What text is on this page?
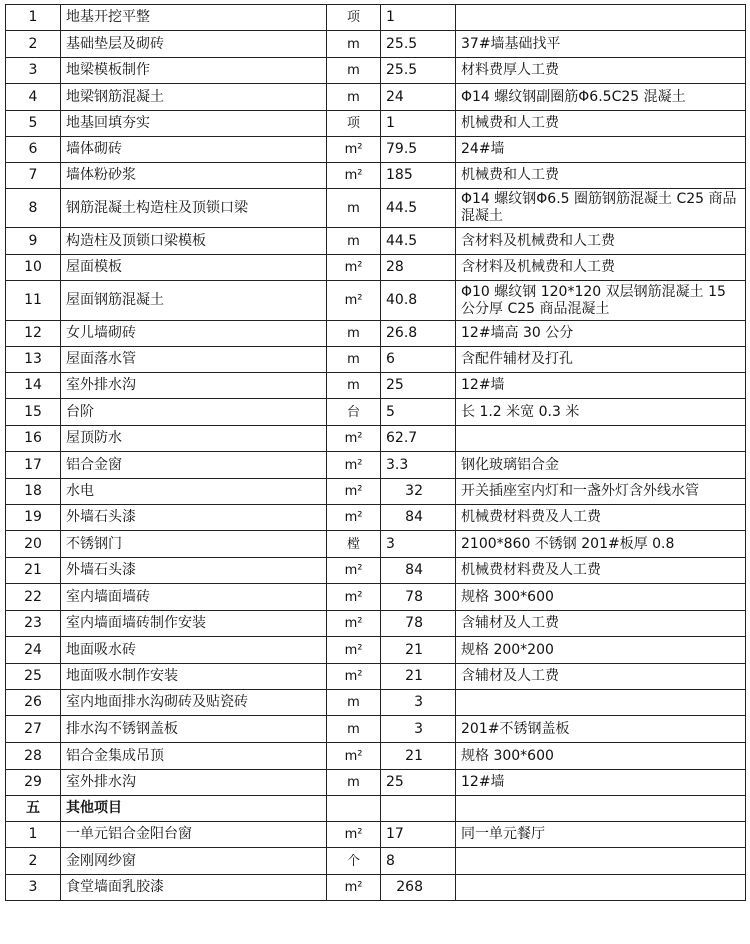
1	地基开挖平整	项	1	
2	基础垫层及砌砖	m	25.5	37#墙基础找平
3	地梁模板制作	m	25.5	材料费厚人工费
4	地梁钢筋混凝土	m	24	Φ14 螺纹钢副圈筋Φ6.5C25 混凝土
5	地基回填夯实	项	1	机械费和人工费
6	墙体砌砖	m²	79.5	24#墙
7	墙体粉砂浆	m²	185	机械费和人工费
8	钢筋混凝土构造柱及顶锁口梁	m	44.5	Φ14 螺纹钢Φ6.5 圈筋钢筋混凝土 C25 商品混凝土
9	构造柱及顶锁口梁模板	m	44.5	含材料及机械费和人工费
10	屋面模板	m²	28	含材料及机械费和人工费
11	屋面钢筋混凝土	m²	40.8	Φ10 螺纹钢 120*120 双层钢筋混凝土 15 公分厚 C25 商品混凝土
12	女儿墙砌砖	m	26.8	12#墙高 30 公分
13	屋面落水管	m	6	含配件辅材及打孔
14	室外排水沟	m	25	12#墙
15	台阶	台	5	长 1.2 米宽 0.3 米
16	屋顶防水	m²	62.7	
17	铝合金窗	m²	3.3	钢化玻璃铝合金
18	水电	m²	32	开关插座室内灯和一盏外灯含外线水管
19	外墙石头漆	m²	84	机械费材料费及人工费
20	不锈钢门	樘	3	2100*860 不锈钢 201#板厚 0.8
21	外墙石头漆	m²	84	机械费材料费及人工费
22	室内墙面墙砖	m²	78	规格 300*600
23	室内墙面墙砖制作安装	m²	78	含辅材及人工费
24	地面吸水砖	m²	21	规格 200*200
25	地面吸水制作安装	m²	21	含辅材及人工费
26	室内地面排水沟砌砖及贴瓷砖	m	3	
27	排水沟不锈钢盖板	m	3	201#不锈钢盖板
28	铝合金集成吊顶	m²	21	规格 300*600
29	室外排水沟	m	25	12#墙
五	其他项目			
1	一单元铝合金阳台窗	m²	17	同一单元餐厅
2	金刚网纱窗	个	8	
3	食堂墙面乳胶漆	m²	268	
